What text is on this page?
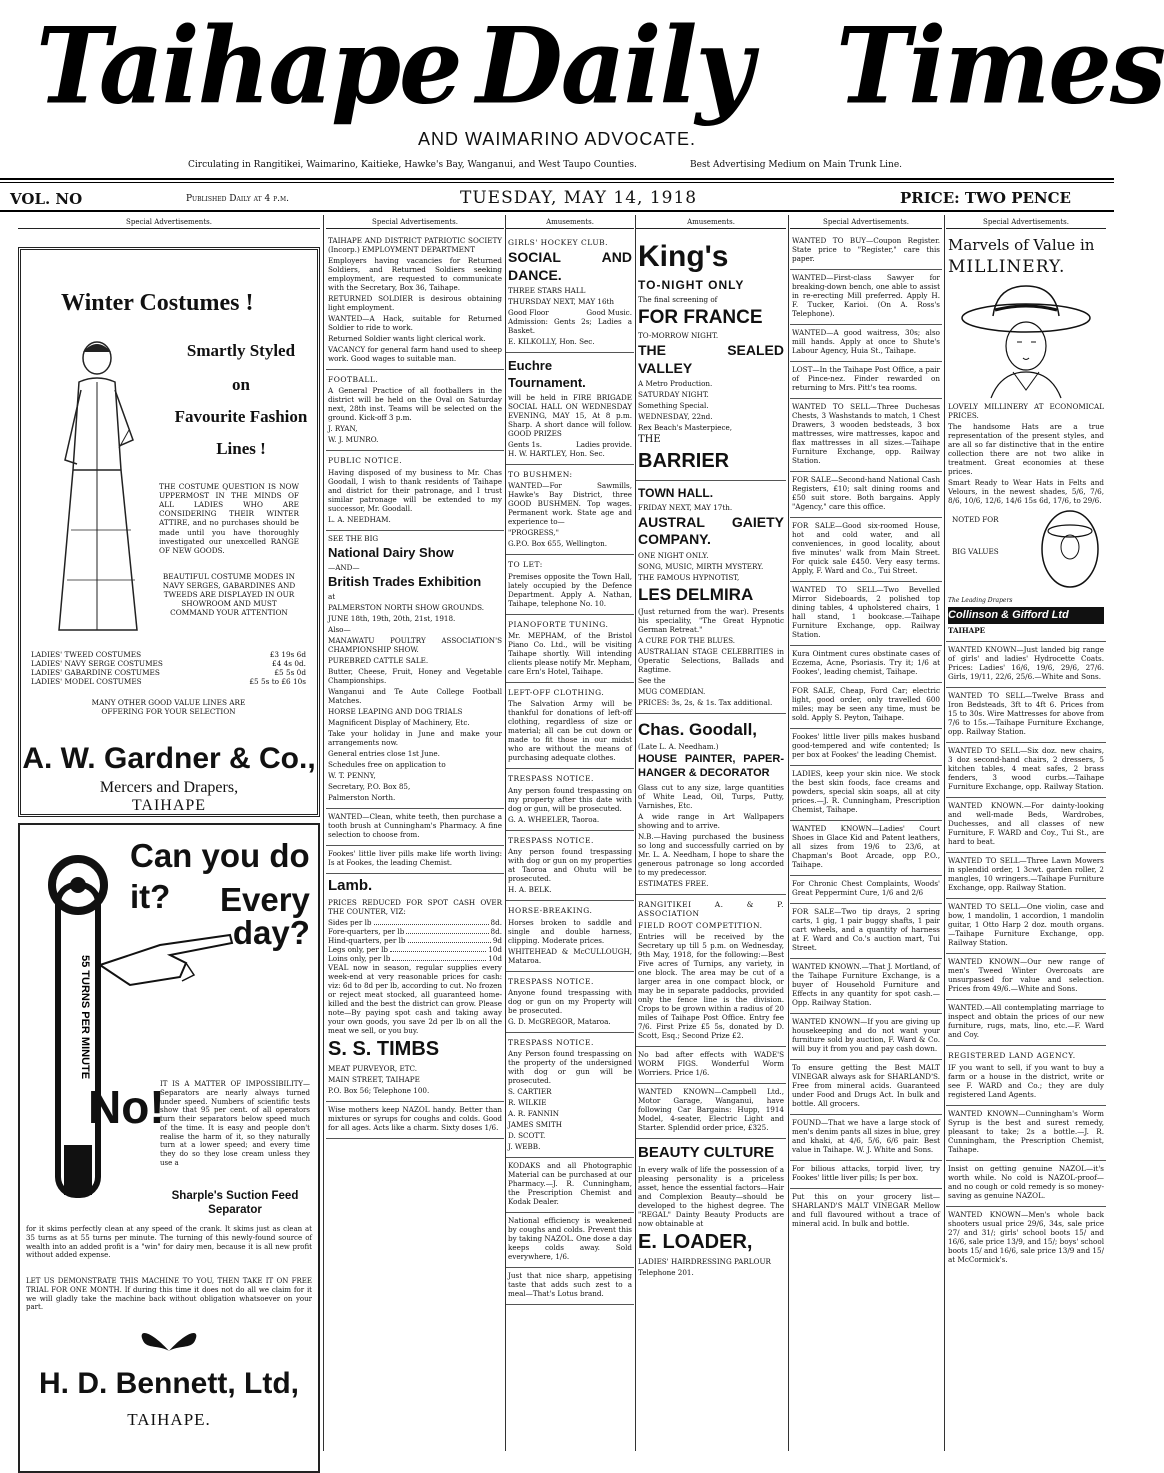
Taihape Daily Times
AND WAIMARINO ADVOCATE.
Circulating in Rangitikei, Waimarino, Kaitieke, Hawke's Bay, Wanganui, and West Taupo Counties.	Best Advertising Medium on Main Trunk Line.
VOL. NO	Published Daily at 4 p.m.	TUESDAY, MAY 14, 1918	PRICE: TWO PENCE
Special Advertisements.
Winter Costumes !
Smartly Styled
on
Favourite Fashion
Lines !
THE COSTUME QUESTION IS NOW UPPERMOST IN THE MINDS OF ALL LADIES WHO ARE CONSIDERING THEIR WINTER ATTIRE, and no purchases should be made until you have thoroughly investigated our unexcelled RANGE OF NEW GOODS.
BEAUTIFUL COSTUME MODES IN NAVY SERGES, GABARDINES AND TWEEDS ARE DISPLAYED IN OUR SHOWROOM AND MUST COMMAND YOUR ATTENTION
LADIES' TWEED COSTUMES	£3 19s 6d
LADIES' NAVY SERGE COSTUMES	£4 4s 0d.
LADIES' GABARDINE COSTUMES	£5 5s 0d
LADIES' MODEL COSTUMES	£5 5s to £6 10s
MANY OTHER GOOD VALUE LINES ARE OFFERING FOR YOUR SELECTION
A. W. Gardner & Co.,
Mercers and Drapers,
TAIHAPE
55 TURNS PER MINUTE
Can you do it?	Every
day?
No!
IT IS A MATTER OF IMPOSSIBILITY—Separators are nearly always turned under speed. Numbers of scientific tests show that 95 per cent. of all operators turn their separators below speed much of the time. It is easy and people don't realise the harm of it, so they naturally turn at a lower speed; and every time they do so they lose cream unless they use a
Sharple's Suction Feed Separator
for it skims perfectly clean at any speed of the crank. It skims just as clean at 35 turns as at 55 turns per minute. The turning of this newly-found source of wealth into an added profit is a "win" for dairy men, because it is all new profit without added expense.
LET US DEMONSTRATE THIS MACHINE TO YOU, THEN TAKE IT ON FREE TRIAL FOR ONE MONTH. If during this time it does not do all we claim for it we will gladly take the machine back without obligation whatsoever on your part.
H. D. Bennett, Ltd,
TAIHAPE.
Special Advertisements.

TAIHAPE AND DISTRICT PATRIOTIC SOCIETY (Incorp.) EMPLOYMENT DEPARTMENT

Employers having vacancies for Returned Soldiers, and Returned Soldiers seeking employment, are requested to communicate with the Secretary, Box 36, Taihape.

RETURNED SOLDIER is desirous obtaining light employment.

WANTED—A Hack, suitable for Returned Soldier to ride to work.

Returned Soldier wants light clerical work.

VACANCY for general farm hand used to sheep work. Good wages to suitable man.

FOOTBALL.

A General Practice of all footballers in the district will be held on the Oval on Saturday next, 28th inst. Teams will be selected on the ground. Kick-off 3 p.m.

J. RYAN,

W. J. MUNRO.

PUBLIC NOTICE.

Having disposed of my business to Mr. Chas Goodall, I wish to thank residents of Taihape and district for their patronage, and I trust similar patronage will be extended to my successor, Mr. Goodall.

L. A. NEEDHAM.

SEE THE BIG

National Dairy Show

—AND—

British Trades Exhibition

at

PALMERSTON NORTH SHOW GROUNDS.

JUNE 18th, 19th, 20th, 21st, 1918.

Also—

MANAWATU POULTRY ASSOCIATION'S CHAMPIONSHIP SHOW.

PUREBRED CATTLE SALE.

Butter, Cheese, Fruit, Honey and Vegetable Championships.

Wanganui and Te Aute College Football Matches.

HORSE LEAPING AND DOG TRIALS

Magnificent Display of Machinery, Etc.

Take your holiday in June and make your arrangements now.

General entries close 1st June.

Schedules free on application to

W. T. PENNY,

Secretary, P.O. Box 85,

Palmerston North.

WANTED—Clean, white teeth, then purchase a tooth brush at Cunningham's Pharmacy. A fine selection to choose from.

Fookes' little liver pills make life worth living: Is at Fookes, the leading Chemist.

Lamb.

PRICES REDUCED FOR SPOT CASH OVER THE COUNTER, VIZ:

Sides per lb	8d.
Fore-quarters, per lb	8d.
Hind-quarters, per lb	9d
Legs only, per lb	10d
Loins only, per lb	10d

VEAL now in season, regular supplies every week-end at very reasonable prices for cash: viz: 6d to 8d per lb, according to cut. No frozen or reject meat stocked, all guaranteed home-killed and the best the district can grow. Please note—By paying spot cash and taking away your own goods, you save 2d per lb on all the meat we sell, or you buy.

S. S. TIMBS

MEAT PURVEYOR, ETC.

MAIN STREET, TAIHAPE

P.O. Box 56; Telephone 100.

Wise mothers keep NAZOL handy. Better than mixtures or syrups for coughs and colds. Good for all ages. Acts like a charm. Sixty doses 1/6.

Amusements.

GIRLS' HOCKEY CLUB.

SOCIAL AND DANCE.

THREE STARS HALL

THURSDAY NEXT, MAY 16th

Good Floor	Good Music.

Admission: Gents 2s; Ladies a Basket.

E. KILKOLLY, Hon. Sec.

Euchre Tournament.

will be held in FIRE BRIGADE SOCIAL HALL ON WEDNESDAY EVENING, MAY 15, At 8 p.m. Sharp. A short dance will follow. GOOD PRIZES

Gents 1s.	Ladies provide.

H. W. HARTLEY, Hon. Sec.

TO BUSHMEN:

WANTED—For Sawmills, Hawke's Bay District, three GOOD BUSHMEN. Top wages. Permanent work. State age and experience to—

"PROGRESS,"

G.P.O. Box 655, Wellington.

TO LET:

Premises opposite the Town Hall, lately occupied by the Defence Department. Apply A. Nathan, Taihape, telephone No. 10.

PIANOFORTE TUNING.

Mr. MEPHAM, of the Bristol Piano Co. Ltd., will be visiting Taihape shortly. Will intending clients please notify Mr. Mepham, care Ern's Hotel, Taihape.

LEFT-OFF CLOTHING.

The Salvation Army will be thankful for donations of left-off clothing, regardless of size or material; all can be cut down or made to fit those in our midst who are without the means of purchasing adequate clothes.

TRESPASS NOTICE.

Any person found trespassing on my property after this date with dog or gun, will be prosecuted.

G. A. WHEELER, Taoroa.

TRESPASS NOTICE.

Any person found trespassing with dog or gun on my properties at Taoroa and Ohutu will be prosecuted.

H. A. BELK.

HORSE-BREAKING.

Horses broken to saddle and single and double harness, clipping. Moderate prices.

WHITEHEAD & McCULLOUGH, Mataroa.

TRESPASS NOTICE.

Anyone found trespassing with dog or gun on my Property will be prosecuted.

G. D. McGREGOR, Mataroa.

TRESPASS NOTICE.

Any Person found trespassing on the property of the undersigned with dog or gun will be prosecuted.

S. CARTIER

R. WILKIE

A. R. FANNIN

JAMES SMITH

D. SCOTT.

J. WEBB.

KODAKS and all Photographic Material can be purchased at our Pharmacy.—J. R. Cunningham, the Prescription Chemist and Kodak Dealer.

National efficiency is weakened by coughs and colds. Prevent this by taking NAZOL. One dose a day keeps colds away. Sold everywhere, 1/6.

Just that nice sharp, appetising taste that adds such zest to a meal—That's Lotus brand.

Amusements.

King's

TO-NIGHT ONLY

The final screening of

FOR FRANCE

TO-MORROW NIGHT.

THE SEALED VALLEY

A Metro Production.

SATURDAY NIGHT.

Something Special.

WEDNESDAY, 22nd.

Rex Beach's Masterpiece,

THE

BARRIER

TOWN HALL.

FRIDAY NEXT, MAY 17th.

AUSTRAL GAIETY COMPANY.

ONE NIGHT ONLY.

SONG, MUSIC, MIRTH MYSTERY.

THE FAMOUS HYPNOTIST,

LES DELMIRA

(Just returned from the war). Presents his speciality, "The Great Hypnotic German Retreat."

A CURE FOR THE BLUES.

AUSTRALIAN STAGE CELEBRITIES in Operatic Selections, Ballads and Ragtime.

See the

MUG COMEDIAN.

PRICES: 3s, 2s, & 1s. Tax additional.

Chas. Goodall,

(Late L. A. Needham.)

HOUSE PAINTER, PAPER-HANGER & DECORATOR

Glass cut to any size, large quantities of White Lead, Oil, Turps, Putty, Varnishes, Etc.

A wide range in Art Wallpapers showing and to arrive.

N.B.—Having purchased the business so long and successfully carried on by Mr. L. A. Needham, I hope to share the generous patronage so long accorded to my predecessor.

ESTIMATES FREE.

RANGITIKEI A. & P. ASSOCIATION

FIELD ROOT COMPETITION.

Entries will be received by the Secretary up till 5 p.m. on Wednesday, 9th May, 1918, for the following:—Best Five acres of Turnips, any variety, in one block. The area may be cut of a larger area in one compact block, or may be in separate paddocks, provided only the fence line is the division. Crops to be grown within a radius of 20 miles of Taihape Post Office. Entry fee 7/6. First Prize £5 5s, donated by D. Scott, Esq.; Second Prize £2.

No bad after effects with WADE'S WORM FIGS. Wonderful Worm Worriers. Price 1/6.

WANTED KNOWN—Campbell Ltd., Motor Garage, Wanganui, have following Car Bargains: Hupp, 1914 Model, 4-seater, Electric Light and Starter. Splendid order price, £325.

BEAUTY CULTURE

In every walk of life the possession of a pleasing personality is a priceless asset, hence the essential factors—Hair and Complexion Beauty—should be developed to the highest degree. The "REGAL" Dainty Beauty Products are now obtainable at

E. LOADER,

LADIES' HAIRDRESSING PARLOUR

Telephone 201.

Special Advertisements.

WANTED TO BUY—Coupon Register. State price to "Register," care this paper.

WANTED—First-class Sawyer for breaking-down bench, one able to assist in re-erecting Mill preferred. Apply H. F. Tucker, Karioi. (On A. Ross's Telephone).

WANTED—A good waitress, 30s; also mill hands. Apply at once to Shute's Labour Agency, Huia St., Taihape.

LOST—In the Taihape Post Office, a pair of Pince-nez. Finder rewarded on returning to Mrs. Pitt's tea rooms.

WANTED TO SELL—Three Duchesas Chests, 3 Washstands to match, 1 Chest Drawers, 3 wooden bedsteads, 3 box mattresses, wire mattresses, kapoc and flax mattresses in all sizes.—Taihape Furniture Exchange, opp. Railway Station.

FOR SALE—Second-hand National Cash Registers, £10; salt dining rooms and £50 suit store. Both bargains. Apply "Agency," care this office.

FOR SALE—Good six-roomed House, hot and cold water, and all conveniences, in good locality, about five minutes' walk from Main Street. For quick sale £450. Very easy terms. Apply, F. Ward and Co., Tui Street.

WANTED TO SELL—Two Bevelled Mirror Sideboards, 2 polished top dining tables, 4 upholstered chairs, 1 hall stand, 1 bookcase.—Taihape Furniture Exchange, opp. Railway Station.

Kura Ointment cures obstinate cases of Eczema, Acne, Psoriasis. Try it; 1/6 at Fookes', leading chemist, Taihape.

FOR SALE, Cheap, Ford Car; electric light, good order, only travelled 600 miles; may be seen any time, must be sold. Apply S. Peyton, Taihape.

Fookes' little liver pills makes husband good-tempered and wife contented; Is per box at Fookes' the leading Chemist.

LADIES, keep your skin nice. We stock the best skin foods, face creams and powders, special skin soaps, all at city prices.—J. R. Cunningham, Prescription Chemist, Taihape.

WANTED KNOWN—Ladies' Court Shoes in Glace Kid and Patent leathers, all sizes from 19/6 to 23/6, at Chapman's Boot Arcade, opp P.O., Taihape.

For Chronic Chest Complaints, Woods' Great Peppermint Cure, 1/6 and 2/6

FOR SALE—Two tip drays, 2 spring carts, 1 gig, 1 pair buggy shafts, 1 pair cart wheels, and a quantity of harness at F. Ward and Co.'s auction mart, Tui Street.

WANTED KNOWN.—That J. Mortland, of the Taihape Furniture Exchange, is a buyer of Household Furniture and Effects in any quantity for spot cash.—Opp. Railway Station.

WANTED KNOWN—If you are giving up housekeeping and do not want your furniture sold by auction, F. Ward & Co. will buy it from you and pay cash down.

To ensure getting the Best MALT VINEGAR always ask for SHARLAND'S. Free from mineral acids. Guaranteed under Food and Drugs Act. In bulk and bottle. All grocers.

FOUND—That we have a large stock of men's denim pants all sizes in blue, grey and khaki, at 4/6, 5/6, 6/6 pair. Best value in Taihape. W. J. White and Sons.

For bilious attacks, torpid liver, try Fookes' little liver pills; Is per box.

Put this on your grocery list—SHARLAND'S MALT VINEGAR Mellow and full flavoured without a trace of mineral acid. In bulk and bottle.

Special Advertisements.

Marvels of Value in

MILLINERY.

LOVELY MILLINERY AT ECONOMICAL PRICES.

The handsome Hats are a true representation of the present styles, and are all so far distinctive that in the entire collection there are not two alike in treatment. Great economies at these prices.

Smart Ready to Wear Hats in Felts and Velours, in the newest shades, 5/6, 7/6, 8/6, 10/6, 12/6, 14/6 15s 6d, 17/6, to 29/6.

NOTED FOR

BIG VALUES

The Leading Drapers

Collinson & Gifford Ltd

TAIHAPE

WANTED KNOWN—Just landed big range of girls' and ladies' Hydrocette Coats. Prices: Ladies' 16/6, 19/6, 29/6, 27/6. Girls, 19/11, 22/6, 25/6.—White and Sons.

WANTED TO SELL—Twelve Brass and Iron Bedsteads, 3ft to 4ft 6. Prices from 15 to 30s. Wire Mattresses for above from 7/6 to 15s.—Taihape Furniture Exchange, opp. Railway Station.

WANTED TO SELL—Six doz. new chairs, 3 doz second-hand chairs, 2 dressers, 5 kitchen tables, 4 meat safes, 2 brass fenders, 3 wood curbs.—Taihape Furniture Exchange, opp. Railway Station.

WANTED KNOWN.—For dainty-looking and well-made Beds, Wardrobes, Duchesses, and all classes of new Furniture, F. WARD and Coy., Tui St., are hard to beat.

WANTED TO SELL—Three Lawn Mowers in splendid order, 1 3cwt. garden roller, 2 mangles, 10 wringers.—Taihape Furniture Exchange, opp. Railway Station.

WANTED TO SELL—One violin, case and bow, 1 mandolin, 1 accordion, 1 mandolin guitar, 1 Otto Harp 2 doz. mouth organs.—Taihape Furniture Exchange, opp. Railway Station.

WANTED KNOWN—Our new range of men's Tweed Winter Overcoats are unsurpassed for value and selection. Prices from 49/6.—White and Sons.

WANTED.—All contemplating marriage to inspect and obtain the prices of our new furniture, rugs, mats, lino, etc.—F. Ward and Coy.

REGISTERED LAND AGENCY.

IF you want to sell, if you want to buy a farm or a house in the district, write or see F. WARD and Co.; they are duly registered Land Agents.

WANTED KNOWN—Cunningham's Worm Syrup is the best and surest remedy, pleasant to take; 2s a bottle.—J. R. Cunningham, the Prescription Chemist, Taihape.

Insist on getting genuine NAZOL—it's worth while. No cold is NAZOL-proof—and no cough or cold remedy is so money-saving as genuine NAZOL.

WANTED KNOWN—Men's whole back shooters usual price 29/6, 34s, sale price 27/ and 31/; girls' school boots 15/ and 16/6, sale price 13/9, and 15/; boys' school boots 15/ and 16/6, sale price 13/9 and 15/ at McCormick's.
